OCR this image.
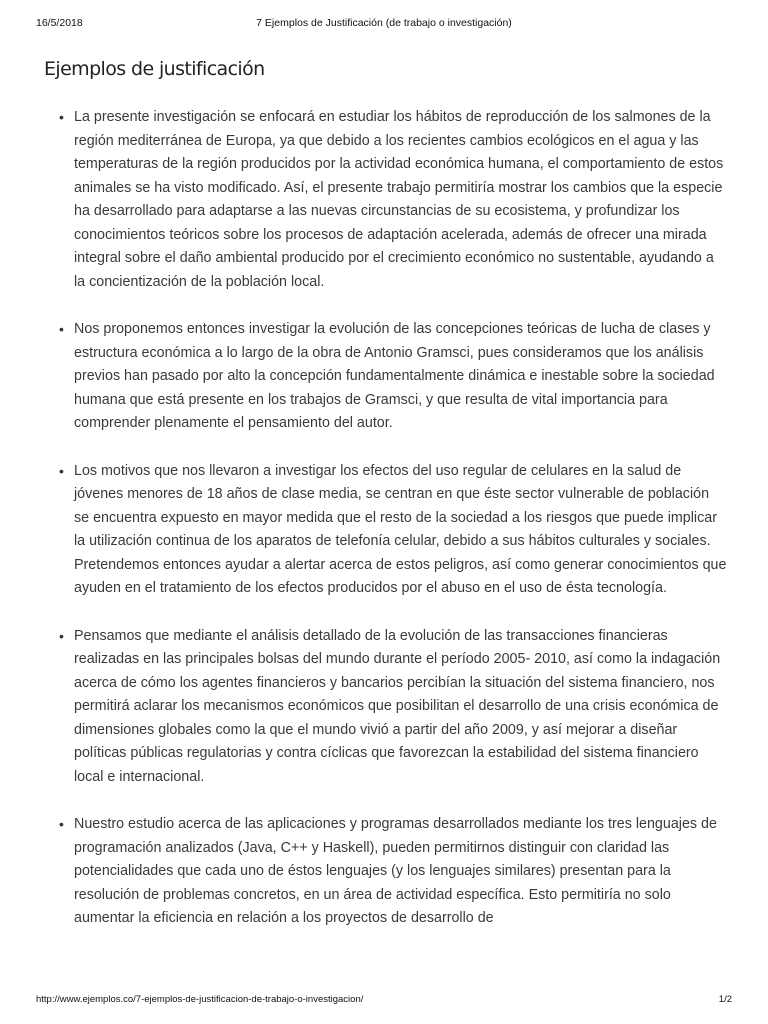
16/5/2018	7 Ejemplos de Justificación (de trabajo o investigación)
Ejemplos de justificación
• La presente investigación se enfocará en estudiar los hábitos de reproducción de los salmones de la región mediterránea de Europa, ya que debido a los recientes cambios ecológicos en el agua y las temperaturas de la región producidos por la actividad económica humana, el comportamiento de estos animales se ha visto modificado. Así, el presente trabajo permitiría mostrar los cambios que la especie ha desarrollado para adaptarse a las nuevas circunstancias de su ecosistema, y profundizar los conocimientos teóricos sobre los procesos de adaptación acelerada, además de ofrecer una mirada integral sobre el daño ambiental producido por el crecimiento económico no sustentable, ayudando a la concientización de la población local.
• Nos proponemos entonces investigar la evolución de las concepciones teóricas de lucha de clases y estructura económica a lo largo de la obra de Antonio Gramsci, pues consideramos que los análisis previos han pasado por alto la concepción fundamentalmente dinámica e inestable sobre la sociedad humana que está presente en los trabajos de Gramsci, y que resulta de vital importancia para comprender plenamente el pensamiento del autor.
• Los motivos que nos llevaron a investigar los efectos del uso regular de celulares en la salud de jóvenes menores de 18 años de clase media, se centran en que éste sector vulnerable de población se encuentra expuesto en mayor medida que el resto de la sociedad a los riesgos que puede implicar la utilización continua de los aparatos de telefonía celular, debido a sus hábitos culturales y sociales. Pretendemos entonces ayudar a alertar acerca de estos peligros, así como generar conocimientos que ayuden en el tratamiento de los efectos producidos por el abuso en el uso de ésta tecnología.
• Pensamos que mediante el análisis detallado de la evolución de las transacciones financieras realizadas en las principales bolsas del mundo durante el período 2005- 2010, así como la indagación acerca de cómo los agentes financieros y bancarios percibían la situación del sistema financiero, nos permitirá aclarar los mecanismos económicos que posibilitan el desarrollo de una crisis económica de dimensiones globales como la que el mundo vivió a partir del año 2009, y así mejorar a diseñar políticas públicas regulatorias y contra cíclicas que favorezcan la estabilidad del sistema financiero local e internacional.
• Nuestro estudio acerca de las aplicaciones y programas desarrollados mediante los tres lenguajes de programación analizados (Java, C++ y Haskell), pueden permitirnos distinguir con claridad las potencialidades que cada uno de éstos lenguajes (y los lenguajes similares) presentan para la resolución de problemas concretos, en un área de actividad específica. Esto permitiría no solo aumentar la eficiencia en relación a los proyectos de desarrollo de
http://www.ejemplos.co/7-ejemplos-de-justificacion-de-trabajo-o-investigacion/	1/2
